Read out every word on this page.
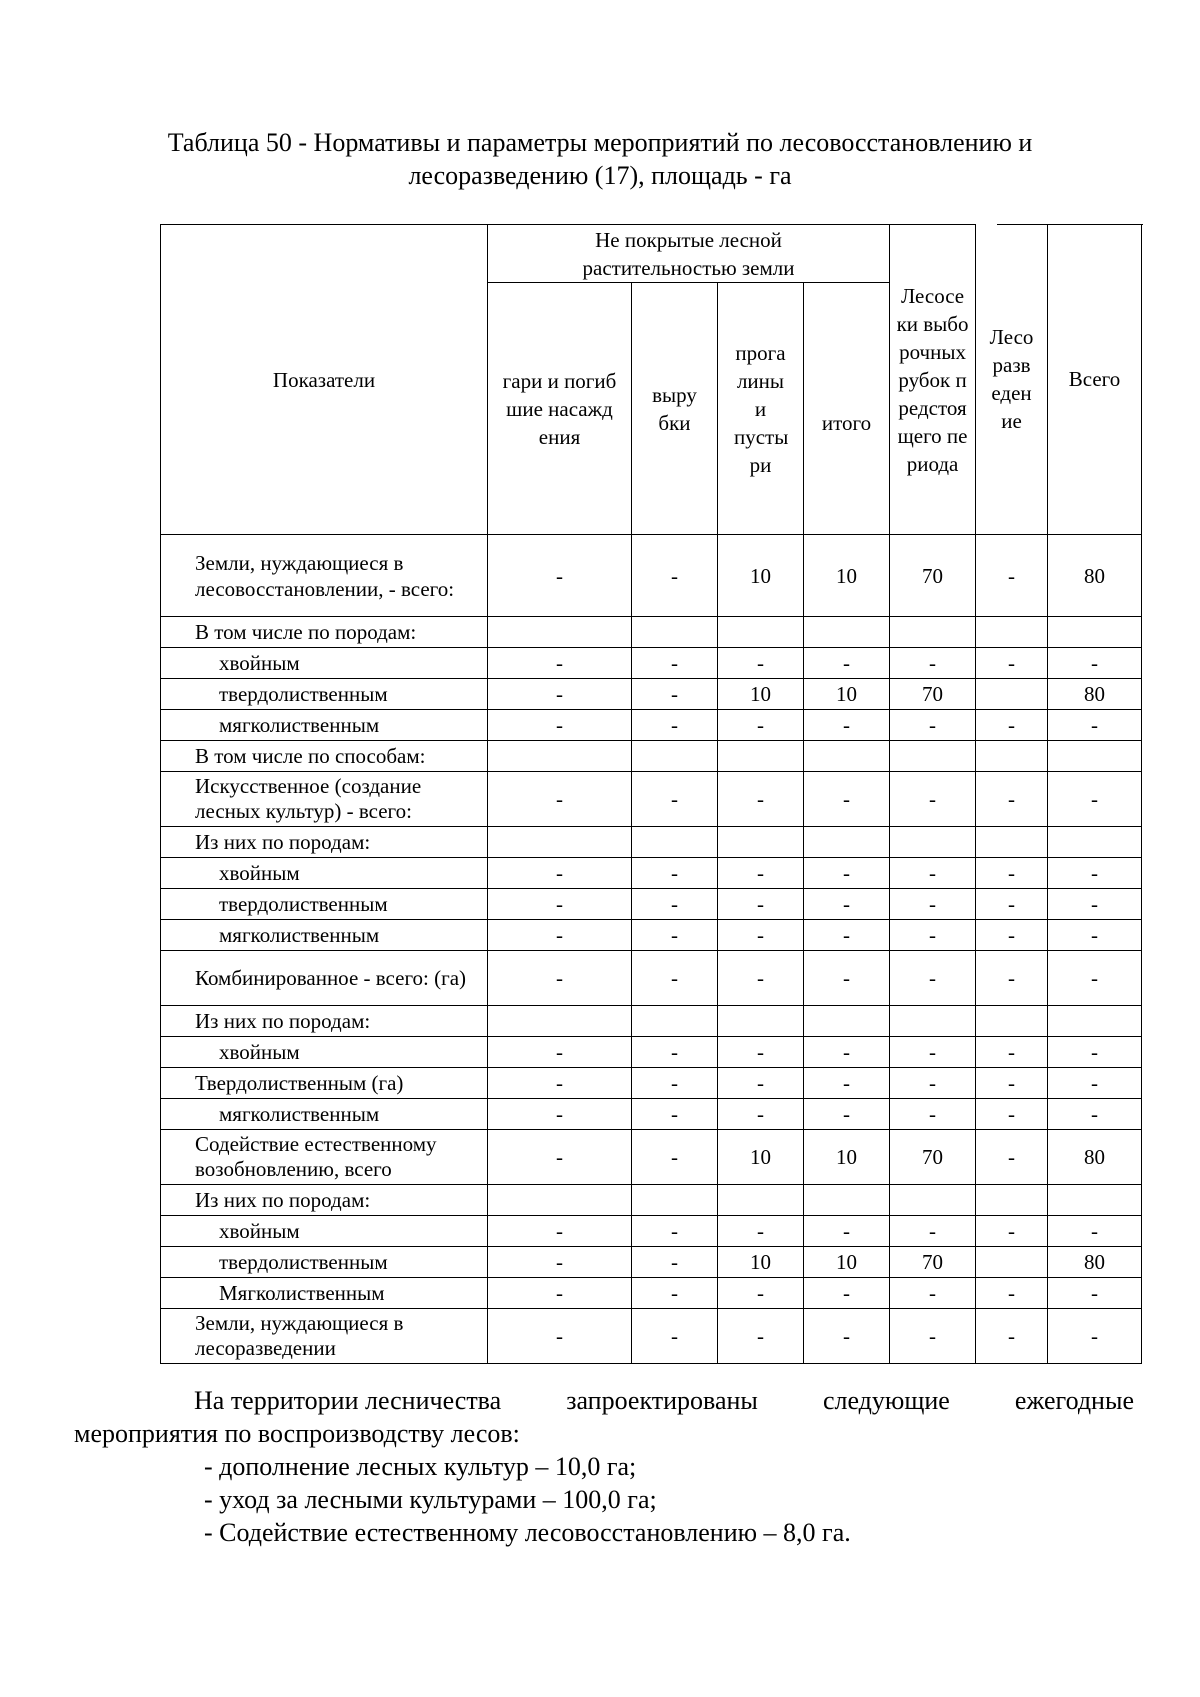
Таблица 50 - Нормативы и параметры мероприятий по лесовосстановлению и
лесоразведению (17), площадь - га
Показатели	Не покрытые лесной растительностью земли				Лесосеки выборочных рубок предстоящего периода	Лесоразведение	Всего
	гари и погибшие насаждения	выру бки	прога лины и пусты ри	итого			
Земли, нуждающиеся в лесовосстановлении, - всего:	-	-	10	10	70	-	80
В том числе по породам:							
хвойным	-	-	-	-	-	-	-
твердолиственным	-	-	10	10	70		80
мягколиственным	-	-	-	-	-	-	-
В том числе по способам:							
Искусственное (создание лесных культур) - всего:	-	-	-	-	-	-	-
Из них по породам:							
хвойным	-	-	-	-	-	-	-
твердолиственным	-	-	-	-	-	-	-
мягколиственным	-	-	-	-	-	-	-
Комбинированное - всего: (га)	-	-	-	-	-	-	-
Из них по породам:							
хвойным	-	-	-	-	-	-	-
Твердолиственным (га)	-	-	-	-	-	-	-
мягколиственным	-	-	-	-	-	-	-
Содействие естественному возобновлению, всего	-	-	10	10	70	-	80
Из них по породам:							
хвойным	-	-	-	-	-	-	-
твердолиственным	-	-	10	10	70		80
Мягколиственным	-	-	-	-	-	-	-
Земли, нуждающиеся в лесоразведении	-	-	-	-	-	-	-
На территории лесничества	запроектированы	следующие	ежегодные
мероприятия по воспроизводству лесов:
- дополнение лесных культур – 10,0 га;
- уход за лесными культурами – 100,0 га;
- Содействие естественному лесовосстановлению – 8,0 га.
